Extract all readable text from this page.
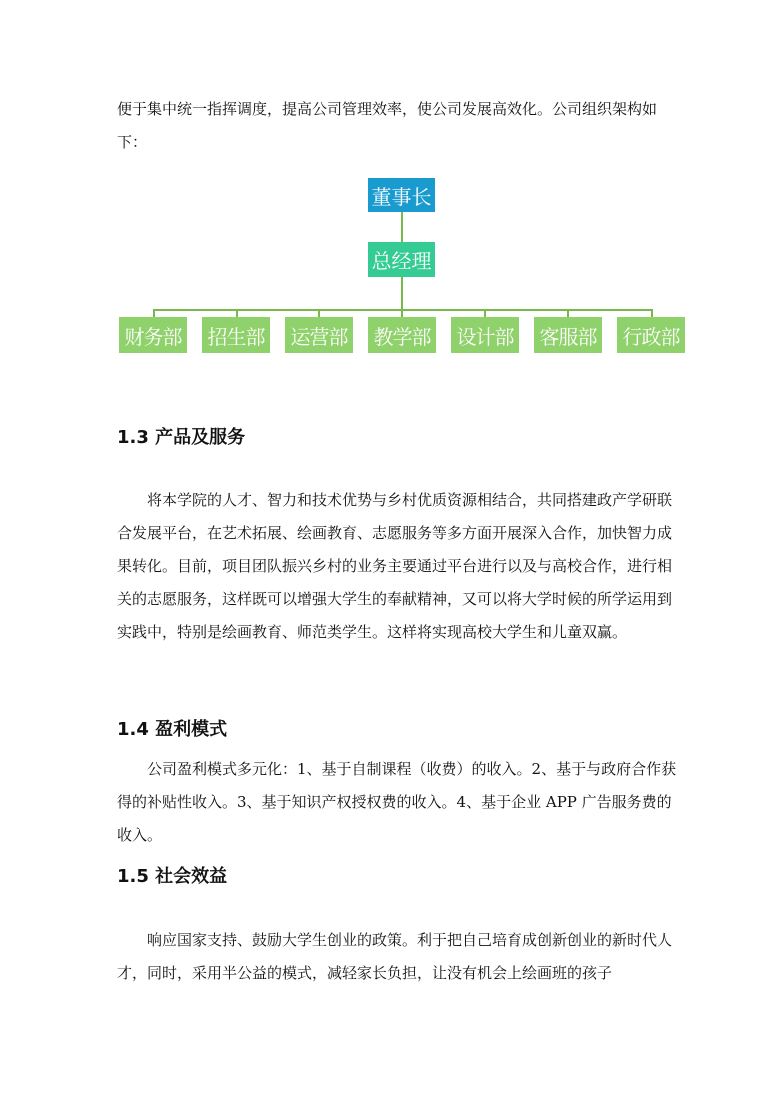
便于集中统一指挥调度，提高公司管理效率，使公司发展高效化。公司组织架构如下：

董事长
总经理
财务部 招生部 运营部 教学部 设计部 客服部 行政部
1.3 产品及服务

将本学院的人才、智力和技术优势与乡村优质资源相结合，共同搭建政产学研联合发展平台，在艺术拓展、绘画教育、志愿服务等多方面开展深入合作，加快智力成果转化。目前，项目团队振兴乡村的业务主要通过平台进行以及与高校合作，进行相关的志愿服务，这样既可以增强大学生的奉献精神，又可以将大学时候的所学运用到实践中，特别是绘画教育、师范类学生。这样将实现高校大学生和儿童双赢。

1.4 盈利模式

公司盈利模式多元化：1、基于自制课程（收费）的收入。2、基于与政府合作获得的补贴性收入。3、基于知识产权授权费的收入。4、基于企业 APP 广告服务费的收入。

1.5 社会效益

响应国家支持、鼓励大学生创业的政策。利于把自己培育成创新创业的新时代人才，同时，采用半公益的模式，减轻家长负担，让没有机会上绘画班的孩子
